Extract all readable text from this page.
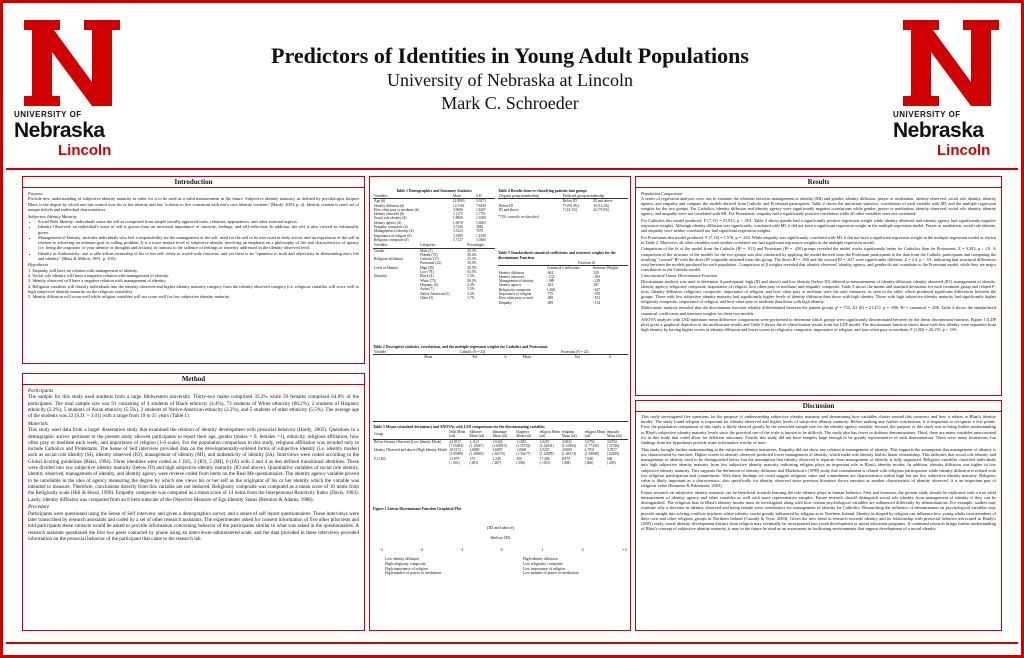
UNIVERSITY OF
Nebraska
Lincoln
UNIVERSITY OF
Nebraska
Lincoln
Predictors of Identities in Young Adult Populations
University of Nebraska at Lincoln
Mark C. Schroeder
Introduction
Purpose

Provide new understanding of subjective identity maturity in order for it to be used as a valid measurement in the future. Subjective identity maturity, as defined by psychologist Jacques Blasi, is the degree by which one has control over his or her identity and has "a desire to live consistent with one's core identity contents" (Hardy, 2003, p. 2). Identity content is one's set of unique beliefs and individual characteristics.

Subjective Identity Maturity
• Social Role Identity: individuals sense the self as comprised from simple socially approved traits, relations, appearances, and other external aspects.
• Identity Observed: an individual's sense of self is grown from an increased importance of sincerity, feelings, and self-reflection. In addition, the self is also viewed as volitionally given.
• Management of Identity: includes individuals who feel a responsibility for the management of the self, need for the self to be exercised in daily action, and an expression of the self in relation to achieving an ultimate goal or calling problem. It is a more mature level of subjective identity involving an emphasis on a philosophy of life and characteristics of agency (i.e. being the originator of your identity or thoughts and actions) in contrast to the salience of feelings or sincerity addressed in the identity observed level.
• Identity as Authenticity: one is able affirm ownership of his or her self, relate to world-wide concerns, and yet there is an "openness to truth and objectivity in determining one's life and identity" (Blasi & Milton, 1991, p. 105).
Hypotheses
1. Empathy will have no relation with management of identity.
2. Social role identity will have a negative relation with management of identity.
3. Identity observed will have a negative relation with management of identity.
4. Religious variables will classify individuals into the identity observed and higher identity maturity category from the identity observed category (i.e. religious variables will score well to high subjective identity maturity on the religious variables).
5. Identity diffusion will score well while religion variables will not score well for low subjective identity maturity.
Method
Participants

The sample for this study used students from a large Midwestern university. Thirty-two males comprised 35.2% while 59 females comprised 64.8% of the participants. The total sample size was 91 consisting of 4 students of Black ethnicity (4.4%), 73 students of White ethnicity (80.2%), 2 students of Hispanic ethnicity (2.2%), 5 students of Asian ethnicity (5.5%), 2 students of Native-American ethnicity (2.2%), and 5 students of other ethnicity (5.5%). The average age of the students was 22 (S.D. = 3.01) with a range from 19 to 35 years (Table 1).

Materials

This study used data from a larger dissertation study that examined the relation of identity development with prosocial behavior (Hardy, 2005). Questions in a demographic survey pertinent to the present study allowed participants to report their age, gender (males = 0, females =1), ethnicity, religious affiliation, how often pray or meditate each week, and importance of religion (1-6 scale). For the population comparison in this study, religious affiliation was recoded only to include Catholics and Protestants. The Sense of Self interview provided data on the developmentally-ordered forms of subjective identity (i.e. identity modes) such as social role identity (SI), identity observed (IO), management of identity (MI), and authenticity of identity (IA). Interviews were coded according to the Global Scoring guidelines (Blasi, 1994). Three identities were coded as 1 (SI), 3 (IO), 5 (MI), 6 (IA) with 2 and 4 as less defined transitional identities. These were divided into low subjective identity maturity (below IO) and high subjective identity maturity (IO and above). Quantitative variables of social role identity, identity observed, management of identity, and identity agency were reverse coded from items on the Real Me questionnaire. The identity agency variable proved to be unreliable in the idea of agency measuring the degree by which one views his or her self as the originator of his or her identity which the variable was intended to measure. Therefore, conclusions directly from this variable are not deduced. Religiosity composite was computed as a mean score of 10 items from the Religiosity scale (Hill & Hood, 1999). Empathy composite was computed as a mean score of 14 items from the Interpersonal Reactivity Index (Davis, 1983). Lastly, identity diffusion was computed from an 8 item subscale of the Objective Measure of Ego Identity Status (Bennion & Adams, 1986).

Procedure

Participants were questioned using the Sense of Self interview and given a demographics survey and a series of self report questionnaires. These interviews were later transcribed by research assistants and coded by a set of other research assistants. The experimenter asked for consent information of five other pilot tests and told participants these contacts would be asked to provide information concerning behavior of the participants similar to what was asked in the questionnaires. A research assistant questioned the first two peers contacted by phone using an interviewer-administered scale, and the data provided in these interviews provided information on the prosocial behavior of the participant that came to the research lab.

Table 1 Demographics and Summary Statistics
Variables	Mean	S.D.
Age (#)	21.8903	5.0273
Identity diffusion (#)	12.5161	7.6350
How often pray or meditate (#)	3.9690	1.8207
Identity observed (#)	2.1175	1.7791
Social role identity (#)	1.8900	1.3500
Identity agency (#)	1.6919	1.6663
Empathy composite (#)	3.7246	3846
Management of identity (#)	3.5324	7478
Importance of religion (#)	3.3485	1.4330
Religious composite (#)	3.7127	1.0460
Variables	Categories	Percentages
Gender	Male (2)	50.3%
	Female (76)	49.4%
Religious affiliation	Catholic (37)	25.3%
	Protestant (22)	16.0%
Level of Identity	High (30)	36.5%
	Low (78)	63.5%
Ethnicity	Black (4)	2.5%
	White (73)	90.2%
	Hispanic (2)	2.2%
	Asian (7)	5.5%
	Native American (2)	2.2%
	Other (3)	3.7%
Table 4 Results from re-classifying patients into groups
Original group membership	Predicted group membership	
	Below ID	ID and above
Below ID	75 (85.4%)	10 (14.2%)
ID and above	7 (24.1%)	22 (75.9%)
*72% correctly re-classified
Table 5 Standardized canonical coefficients and structure weights for the discriminant Function
	Function #1	
	Canonical Coefficients	Structure Weights
Identity diffusion	.604	.529
Identity observed	-.132	-.981
Management of identity	-.089	-.229
Identity agency	.043	.187
Religiosity composite	1.468	-.627
Importance of religion	.770	-.593
How often pray or med	.289	-.551
Empathy	.009	-.132
Table 2 Descriptive statistics, correlations, and the multiple regression weights for Catholics and Protestants
Variable	Catholic (N = 23)			Protestant (N = 22)		
	Mean	Std	b	Mean	Std	b

Table 3 Means (standard deviations) and ANOVAs with LSD comparisons for the discriminating variables
Group	Iddif Mean (sd)	Idobserv Mean (sd)	Idmanage Mean (sd)	Idagency Mean (sd)	religion Mean (sd)	religimp Mean (sd)	religpra Mean (sd)	empathy Mean (sd)
Below Identity Observed (Low Identity Mode)	24.0517	2.1121	1.6328	1.1845	3.3297	3.0941	3.6794	3.6792
	(7.65463)	(1.10067)	(1.00819)	(1.55732)	(1.24941)	(1.31994)	(1.77345)	(.37536)
Identity Observed and above (High Identity Mode)	18.5172	2.8080	3.6897	1.0000	4.5207	4.0000	4.7931	3.7857
	(5.95999)	(1.48083)	(.65576)	(1.56277)	(1.22809)	(1.28374)	(1.58908)	(.62059)
F (1,80)	13.879	170	1.249	300	17.436	8.879	7.948	606
	(<.001)	(.681)	(.267)	(.586)	(<.001)	(.004)	(.006)	(.439)
Figure 1 Linear Discriminant Function Graphical Plot
(ID and above)
(below ID)
-3	-2	-1	0	1	2	+3
Low identity diffusion
High religiosity composite
High importance of religion
High number of prayer or meditation
High identity diffusion
Low religiosity composite
Low importance of religion
Low number of prayer or meditation
Results
Population Comparison

A series of regression analyses were run to examine the relations between management of identity (MI) and gender, identity diffusion, prayer or meditation, identity observed, social role identity, identity agency, and empathy and compare the models derived from Catholic and Protestant participants. Table 2 shows the univariate statistics, correlations of each variable with MI, and the multiple regression weights for the two groups. For Catholics, identity diffusion and identity agency were significantly negative correlations while gender, prayer or meditation, identity observed, social role identity, identity agency, and empathy were not correlated with MI. For Protestants, empathy had a significantly positive correlation while all other variables were not correlated.

For Catholics this model produced, F (7,15) = 21.813, p < .001. Table 2 shows gender had a significantly positive regression weight while identity observed and identity agency had significantly negative regression weights. Although identity diffusion was significantly correlated with MI, it did not have a significant regression weight in the multiple regression model. Prayer or meditation, social role identity, and empathy were neither correlated nor had significant regression weights.

For Protestants this model produced, F (7,14) = 1.576, p = .226. While empathy was significantly correlated with MI, it did not have a significant regression weight in the multiple regression model as shown in Table 2. Moreover, all other variables were neither correlated nor had significant regression weights in the multiple regression model.

Comparison of the fit of the model from the Catholic (R² = .911) and Protestant (R² = .430) groups revealed the model works significantly better for Catholics than for Protestants, Z = 3.283, p < .01. A comparison of the structure of the models for the two groups was also conducted by applying the model derived from the Protestant participants to the data from the Catholic participants and comparing the resulting "crossed" R² with the direct R² originally obtained from this group. The direct R² = .950 and the crossed R² = .627 were significantly different, Z = 4.4, p < .01, indicating that structural differences exist between the models produced for each population. Comparison of β weights revealed that identity observed, identity agency, and gender do not contribute to the Protestant model, while they are major contributors to the Catholic model.

Concentrated Linear Discriminant Function

Discriminant analysis was used to determine if participants' high (IO and above) and low identity (below IO) differed in measurements of identity diffusion, identity observed (IO), management of identity, identity agency, religiosity composite, importance of religion, how often pray or meditate, and empathy composite. Table 3 shows the means and standard deviations for each treatment group and related F-tests. Identity diffusion, religiosity composite, importance of religion, and how often pray or meditate were the only measures, as seen in the table, which produced significant differences between the groups. Those with low subjective identity maturity had significantly higher levels of identity diffusion than those with high identity. Those with high subjective identity maturity had significantly higher religiosity composite, importance of religion, and how often pray or meditate than those with high identity.

Multivariate analysis revealed that the discriminant function reliably differentiated between the patient groups χ² = 754, X2 (8) = 21.472, p = .006, R² = canonical = .496. Table 4 shows the standardized canonical coefficients and structure weights for these two models.

ANOVA analyses with LSD minimum mean difference comparisons were performed to determine which groups were significantly discriminated between by the linear discriminant function. Figure 1 (LDF plot) gives a graphical depiction of the multivariate results and Table 5 shows the re-classification results from the LDF model. The discriminant function shows those with low identity were separated from high identity by having higher scores in identity diffusion and lower scores in religiosity composite, importance of religion, and how often pray or meditate, F (1,80) = 26.155, p < .001.

Discussion

This study investigated five questions for the purpose of understanding subjective identity maturity and determining how variables cluster around this construct and how it relates to Blasi's identity modes. The study found religion is important for identity observed and higher levels of subjective identity maturity. Before making any further conclusions, it is important to recognize a few points. First, the population comparison of this study is likely skewed greatly by the restricted sample size for the identity agency variable. Second, the purpose of this study was to bring further understanding to Blasi's subjective identity maturity levels since the practical use of the scale is known to be difficult. The study also has fewer or dubious denominations. Third, there are many variables unaccounted for in this study that could allow for different outcomes. Fourth, this study did not have samples large enough to be greatly representative of each denomination. There were many limitations, but findings from the hypotheses provide some informative worthy of note.

This study brought further understanding to the subjective identity maturities. Empathy did not show any relation to management of identity. This supports the assumption that management of identity is not characterized by emotion. Higher scores in identity observed predicted lower management of identity, which make role identity had no linear relationship. This indicates that social role identity and management of identity need to be distinguished better, but the assumption that identity observed is separate from management of identity is fully supported. Religious variables classified individuals into high subjective identity maturity from low subjective identity maturity indicating religion plays an important role in Blasi's identity modes. In addition, identity diffusion was higher in low subjective identity maturity. This supports the definition of identity diffusion and Marketson's (1999) study that commitment is related with religious participation while identity diffusion is related with low religious participation and commitment. With these findings we could suggest religious value and commitment are characteristics within high but not low subjective identity maturity. Religious value is likely important as a characteristic, also specifically for identity observed since previous literature shows emotion as another characteristic of identity observed, it is an important part of religious value (Emmons & Paloutzian, 2003).

Future research on subjective identity maturity can be beneficial towards learning the role identity plays in human behavior. First and foremost, the present study should be replicated with a true valid measurement of identity agency and other variables as well with more representative samples. Future research should distinguish social role identity from management of identity if they can be distinguished. The religious bias in Blasi's identity modes must be investigated along with how certain psychological variables are influenced differently by denominations. For example, studies may examine why a decrease in identity observed and being female were contributors for management of identity for Catholics. Researching the influence of denomination on psychological variables may provide insight into solving conflicts in places where identity can be greatly influenced by religion as in Northern Ireland. Identity as shaped by religion can influence how young adults treat members of their own and other religious groups in Northern Ireland (Cassidy & Trew, 2004). Given the new trend in research towards identity and its relationship with prosocial behavior advocated in Hardy's (2005) study, moral identity development distinct from religion may eventually be incorporated into youth development or moral education programs. If continued research brings further understanding of Blasi's concept of subjective identity maturity, it may in the future be used as an assessment in facilitating environments that support development of a moral identity.
